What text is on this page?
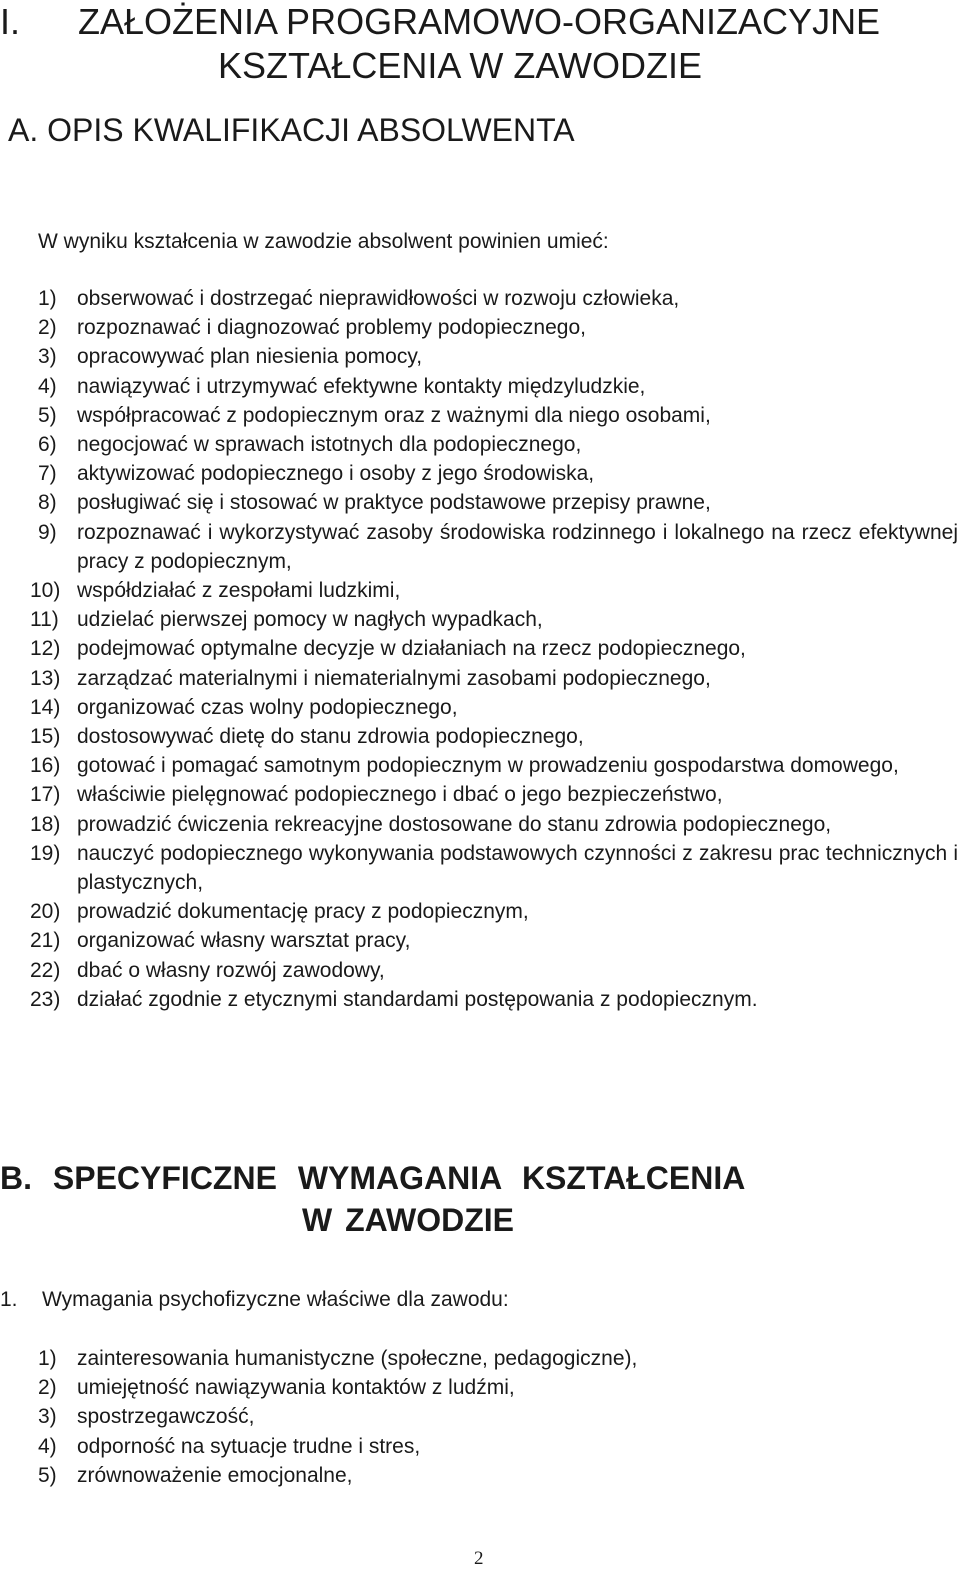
I. ZAŁOŻENIA PROGRAMOWO-ORGANIZACYJNE
KSZTAŁCENIA W ZAWODZIE
A. OPIS KWALIFIKACJI ABSOLWENTA
W wyniku kształcenia w zawodzie absolwent powinien umieć:
1) obserwować i dostrzegać nieprawidłowości w rozwoju człowieka,
2) rozpoznawać i diagnozować problemy podopiecznego,
3) opracowywać plan niesienia pomocy,
4) nawiązywać i utrzymywać efektywne kontakty międzyludzkie,
5) współpracować z podopiecznym oraz z ważnymi dla niego osobami,
6) negocjować w sprawach istotnych dla podopiecznego,
7) aktywizować podopiecznego i osoby z jego środowiska,
8) posługiwać się i stosować w praktyce podstawowe przepisy prawne,
9) rozpoznawać i wykorzystywać zasoby środowiska rodzinnego i lokalnego na rzecz efektywnej pracy z podopiecznym,
10) współdziałać z zespołami ludzkimi,
11) udzielać pierwszej pomocy w nagłych wypadkach,
12) podejmować optymalne decyzje w działaniach na rzecz podopiecznego,
13) zarządzać materialnymi i niematerialnymi zasobami podopiecznego,
14) organizować czas wolny podopiecznego,
15) dostosowywać dietę do stanu zdrowia podopiecznego,
16) gotować i pomagać samotnym podopiecznym w prowadzeniu gospodarstwa domowego,
17) właściwie pielęgnować podopiecznego i dbać o jego bezpieczeństwo,
18) prowadzić ćwiczenia rekreacyjne dostosowane do stanu zdrowia podopiecznego,
19) nauczyć podopiecznego wykonywania podstawowych czynności z zakresu prac technicznych i plastycznych,
20) prowadzić dokumentację pracy z podopiecznym,
21) organizować własny warsztat pracy,
22) dbać o własny rozwój zawodowy,
23) działać zgodnie z etycznymi standardami postępowania z podopiecznym.
B. SPECYFICZNE WYMAGANIA KSZTAŁCENIA
W ZAWODZIE
1. Wymagania psychofizyczne właściwe dla zawodu:
1) zainteresowania humanistyczne (społeczne, pedagogiczne),
2) umiejętność nawiązywania kontaktów z ludźmi,
3) spostrzegawczość,
4) odporność na sytuacje trudne i stres,
5) zrównoważenie emocjonalne,
2
